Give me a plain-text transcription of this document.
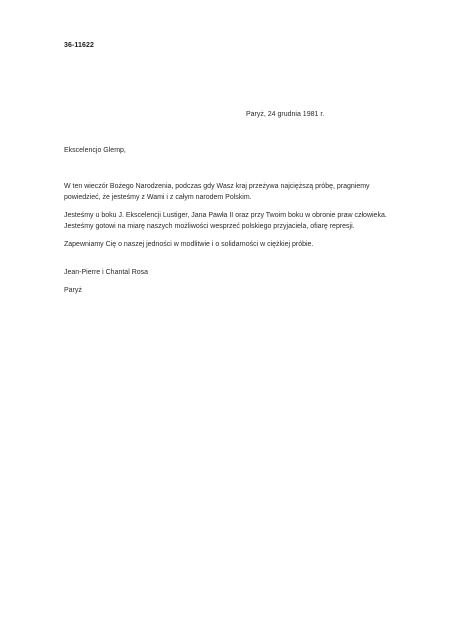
36-11622
Paryż, 24 grudnia 1981 r.
Ekscelencjo Glemp,

W ten wieczór Bożego Narodzenia, podczas gdy Wasz kraj przeżywa najcięższą próbę, pragniemy
powiedzieć, że jesteśmy z Wami i z całym narodem Polskim.

Jesteśmy u boku J. Ekscelencji Lustiger, Jana Pawła II oraz przy Twoim boku w obronie praw człowieka.
Jesteśmy gotowi na miarę naszych możliwości wesprzeć polskiego przyjaciela, ofiarę represji.

Zapewniamy Cię o naszej jedności w modlitwie i o solidarności w ciężkiej próbie.

Jean-Pierre i Chantal Rosa
Paryż
